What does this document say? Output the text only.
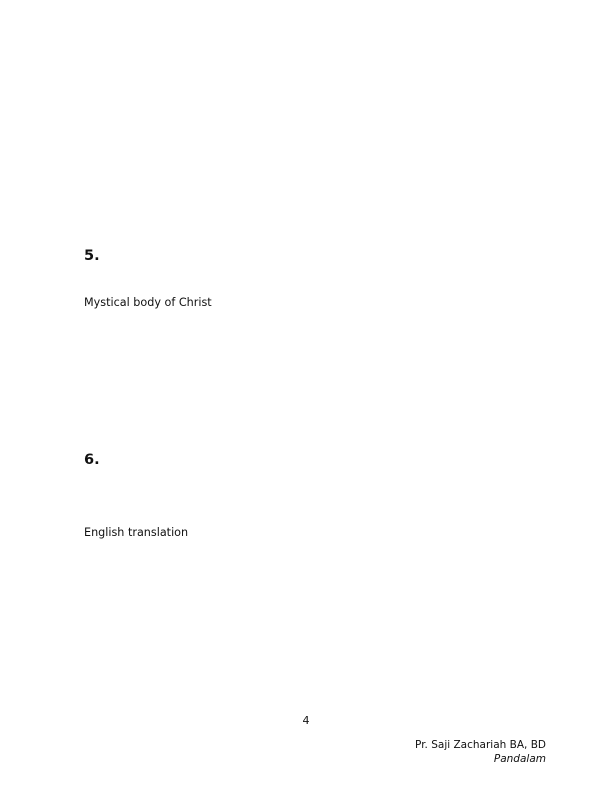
5.
Mystical body of Christ
6.
English translation
4
Pr. Saji Zachariah BA, BD
Pandalam
